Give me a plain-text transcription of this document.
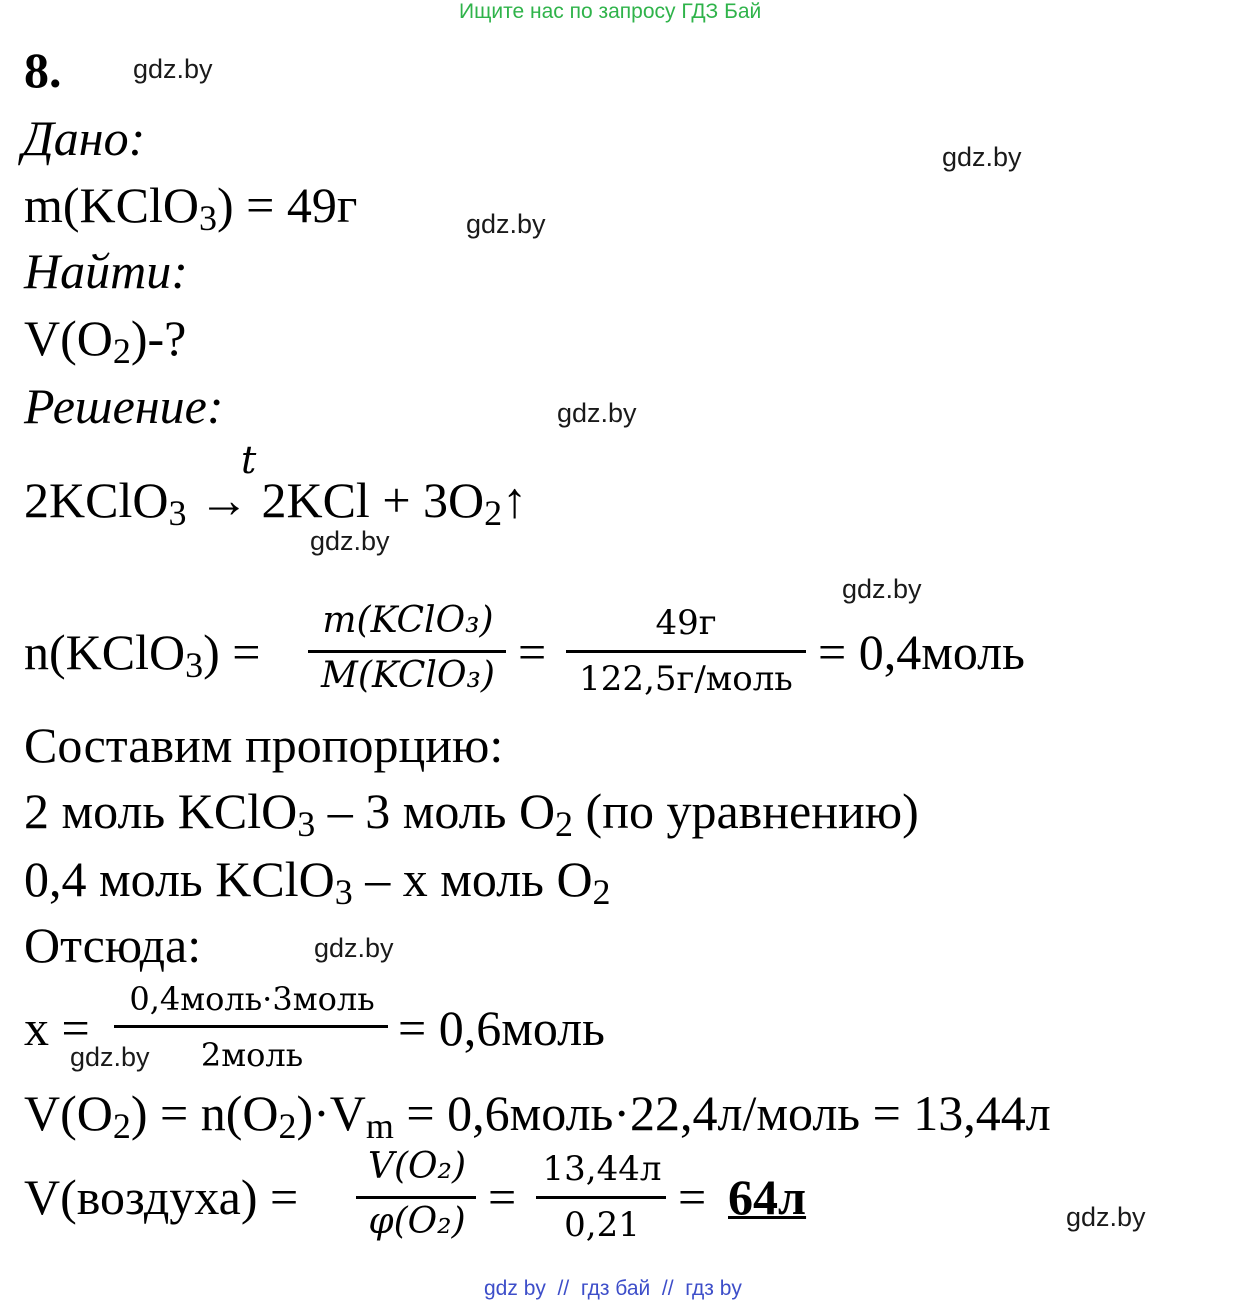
Ищите нас по запросу ГДЗ Бай
8.	gdz.by
gdz.by
gdz.by
gdz.by
gdz.by
gdz.by
gdz.by
gdz.by
gdz.by
Дано:
m(KClO3) = 49г
Найти:
V(O2)-?
Решение:
t
2KClO3 → 2KCl + 3O2↑
n(KClO3) =
m(KClO₃)
M(KClO₃) =
49г
122,5г/моль = 0,4моль
Составим пропорцию:
2 моль KClO3 – 3 моль O2 (по уравнению)
0,4 моль KClO3 – x моль O2
Отсюда:
x =
0,4моль·3моль
2моль	= 0,6моль
V(O2) = n(O2)·Vm = 0,6моль·22,4л/моль = 13,44л
V(воздуха) =
V(O₂)
φ(O₂) = 13,44л
0,21 = 64л
gdz by  //  гдз бай  //  гдз by
